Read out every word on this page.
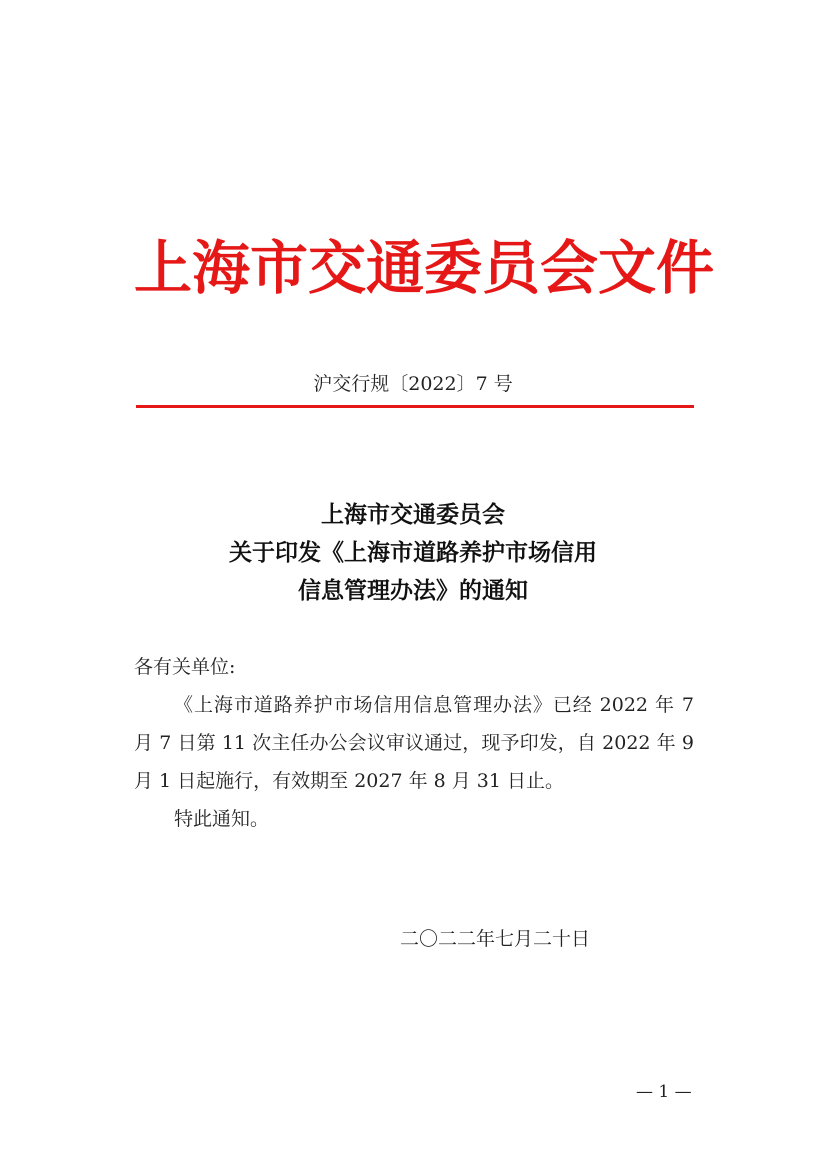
上海市交通委员会文件
沪交行规〔2022〕7 号
上海市交通委员会
关于印发《上海市道路养护市场信用
信息管理办法》的通知
各有关单位:
《上海市道路养护市场信用信息管理办法》已经 2022 年 7 月 7 日第 11 次主任办公会议审议通过，现予印发，自 2022 年 9 月 1 日起施行，有效期至 2027 年 8 月 31 日止。
特此通知。
二〇二二年七月二十日
— 1 —
